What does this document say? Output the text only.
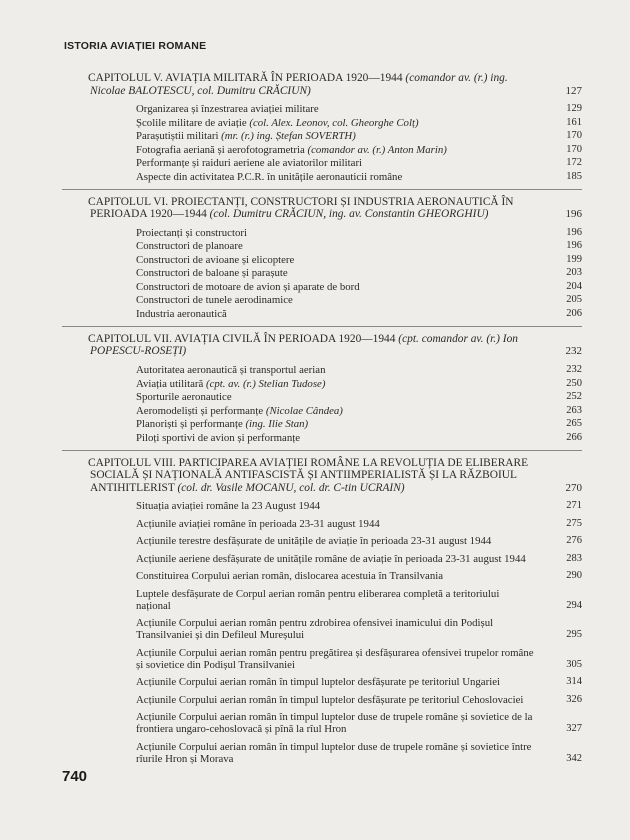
ISTORIA AVIAȚIEI ROMANE
CAPITOLUL V. AVIAȚIA MILITARĂ ÎN PERIOADA 1920—1944 (comandor av. (r.) ing. Nicolae BALOTESCU, col. Dumitru CRĂCIUN)	127
Organizarea și înzestrarea aviației militare	129
Școlile militare de aviație (col. Alex. Leonov, col. Gheorghe Colț)	161
Parașutiștii militari (mr. (r.) ing. Ștefan SOVERTH)	170
Fotografia aeriană și aerofotogrametria (comandor av. (r.) Anton Marin)	170
Performanțe și raiduri aeriene ale aviatorilor militari	172
Aspecte din activitatea P.C.R. în unitățile aeronauticii române	185
CAPITOLUL VI. PROIECTANȚI, CONSTRUCTORI ȘI INDUSTRIA AERONAUTICĂ ÎN PERIOADA 1920—1944 (col. Dumitru CRĂCIUN, ing. av. Constantin GHEORGHIU)	196
Proiectanți și constructori	196
Constructori de planoare	196
Constructori de avioane și elicoptere	199
Constructori de baloane și parașute	203
Constructori de motoare de avion și aparate de bord	204
Constructori de tunele aerodinamice	205
Industria aeronautică	206
CAPITOLUL VII. AVIAȚIA CIVILĂ ÎN PERIOADA 1920—1944 (cpt. comandor av. (r.) Ion POPESCU-ROSEȚI)	232
Autoritatea aeronautică și transportul aerian	232
Aviația utilitară (cpt. av. (r.) Stelian Tudose)	250
Sporturile aeronautice	252
Aeromodeliști și performanțe (Nicolae Cândea)	263
Planoriști și performanțe (ing. Ilie Stan)	265
Piloți sportivi de avion și performanțe	266
CAPITOLUL VIII. PARTICIPAREA AVIAȚIEI ROMÂNE LA REVOLUȚIA DE ELIBERARE SOCIALĂ ȘI NAȚIONALĂ ANTIFASCISTĂ ȘI ANTIIMPERIALISTĂ ȘI LA RĂZBOIUL ANTIHITLERIST (col. dr. Vasile MOCANU, col. dr. C-tin UCRAIN)	270
Situația aviației române la 23 August 1944	271
Acțiunile aviației române în perioada 23-31 august 1944	275
Acțiunile terestre desfășurate de unitățile de aviație în perioada 23-31 august 1944	276
Acțiunile aeriene desfășurate de unitățile române de aviație în perioada 23-31 august 1944	283
Constituirea Corpului aerian român, dislocarea acestuia în Transilvania	290
Luptele desfășurate de Corpul aerian român pentru eliberarea completă a teritoriului național	294
Acțiunile Corpului aerian român pentru zdrobirea ofensivei inamicului din Podișul Transilvaniei și din Defileul Mureșului	295
Acțiunile Corpului aerian român pentru pregătirea și desfășurarea ofensivei trupelor române și sovietice din Podișul Transilvaniei	305
Acțiunile Corpului aerian român în timpul luptelor desfășurate pe teritoriul Ungariei	314
Acțiunile Corpului aerian român în timpul luptelor desfășurate pe teritoriul Cehoslovaciei	326
Acțiunile Corpului aerian român în timpul luptelor duse de trupele române și sovietice de la frontiera ungaro-cehoslovacă și pînă la rîul Hron	327
Acțiunile Corpului aerian român în timpul luptelor duse de trupele române și sovietice între rîurile Hron și Morava	342
740
